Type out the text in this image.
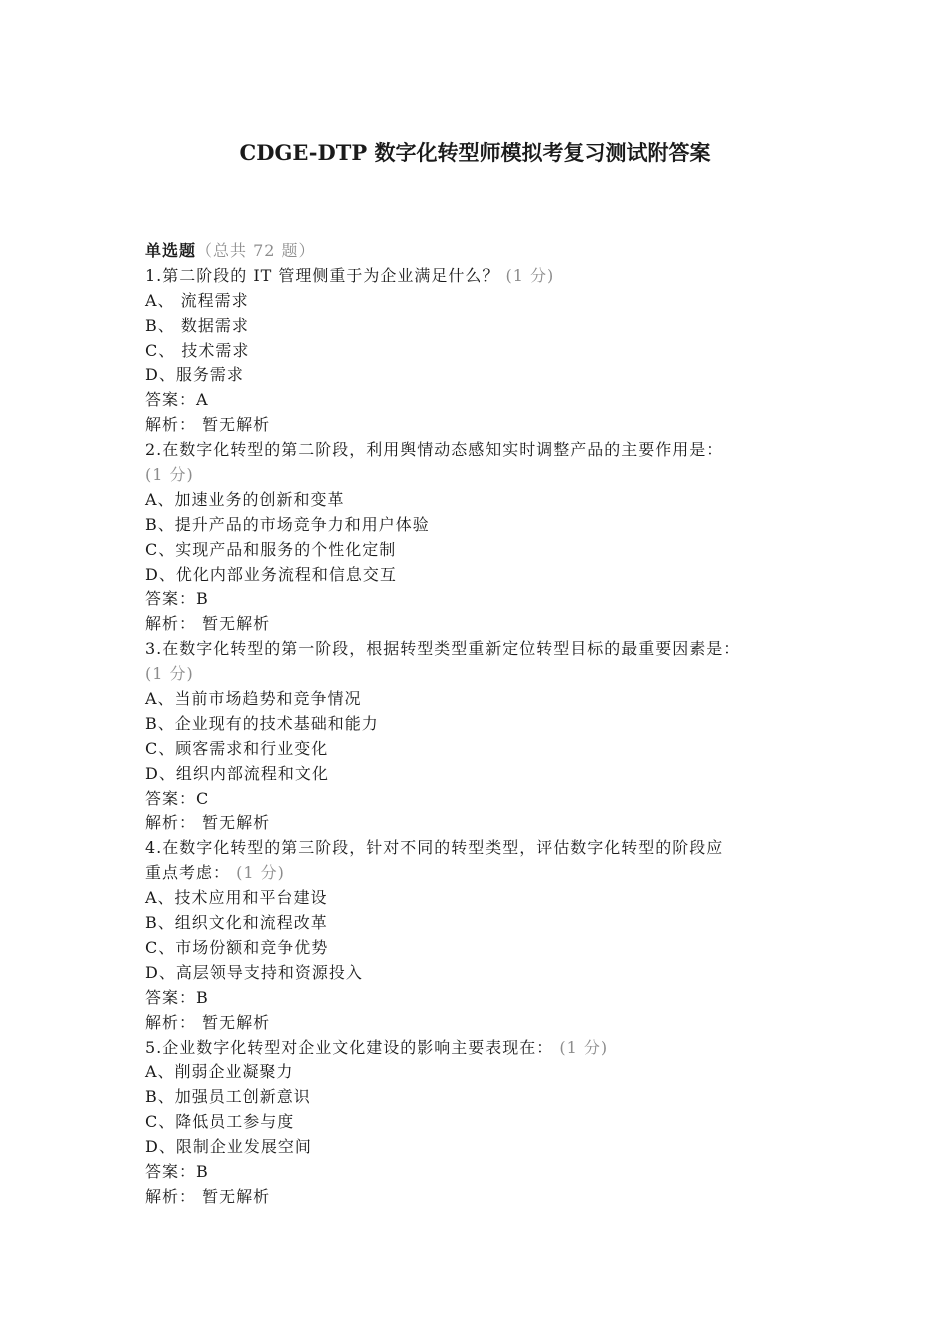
CDGE-DTP 数字化转型师模拟考复习测试附答案
单选题（总共 72 题）
1.第二阶段的 IT 管理侧重于为企业满足什么？ (1 分)
A、 流程需求
B、 数据需求
C、 技术需求
D、服务需求
答案：A
解析： 暂无解析
2.在数字化转型的第二阶段，利用舆情动态感知实时调整产品的主要作用是：
(1 分)
A、加速业务的创新和变革
B、提升产品的市场竞争力和用户体验
C、实现产品和服务的个性化定制
D、优化内部业务流程和信息交互
答案：B
解析： 暂无解析
3.在数字化转型的第一阶段，根据转型类型重新定位转型目标的最重要因素是：
(1 分)
A、当前市场趋势和竞争情况
B、企业现有的技术基础和能力
C、顾客需求和行业变化
D、组织内部流程和文化
答案：C
解析： 暂无解析
4.在数字化转型的第三阶段，针对不同的转型类型，评估数字化转型的阶段应
重点考虑： (1 分)
A、技术应用和平台建设
B、组织文化和流程改革
C、市场份额和竞争优势
D、高层领导支持和资源投入
答案：B
解析： 暂无解析
5.企业数字化转型对企业文化建设的影响主要表现在： (1 分)
A、削弱企业凝聚力
B、加强员工创新意识
C、降低员工参与度
D、限制企业发展空间
答案：B
解析： 暂无解析
